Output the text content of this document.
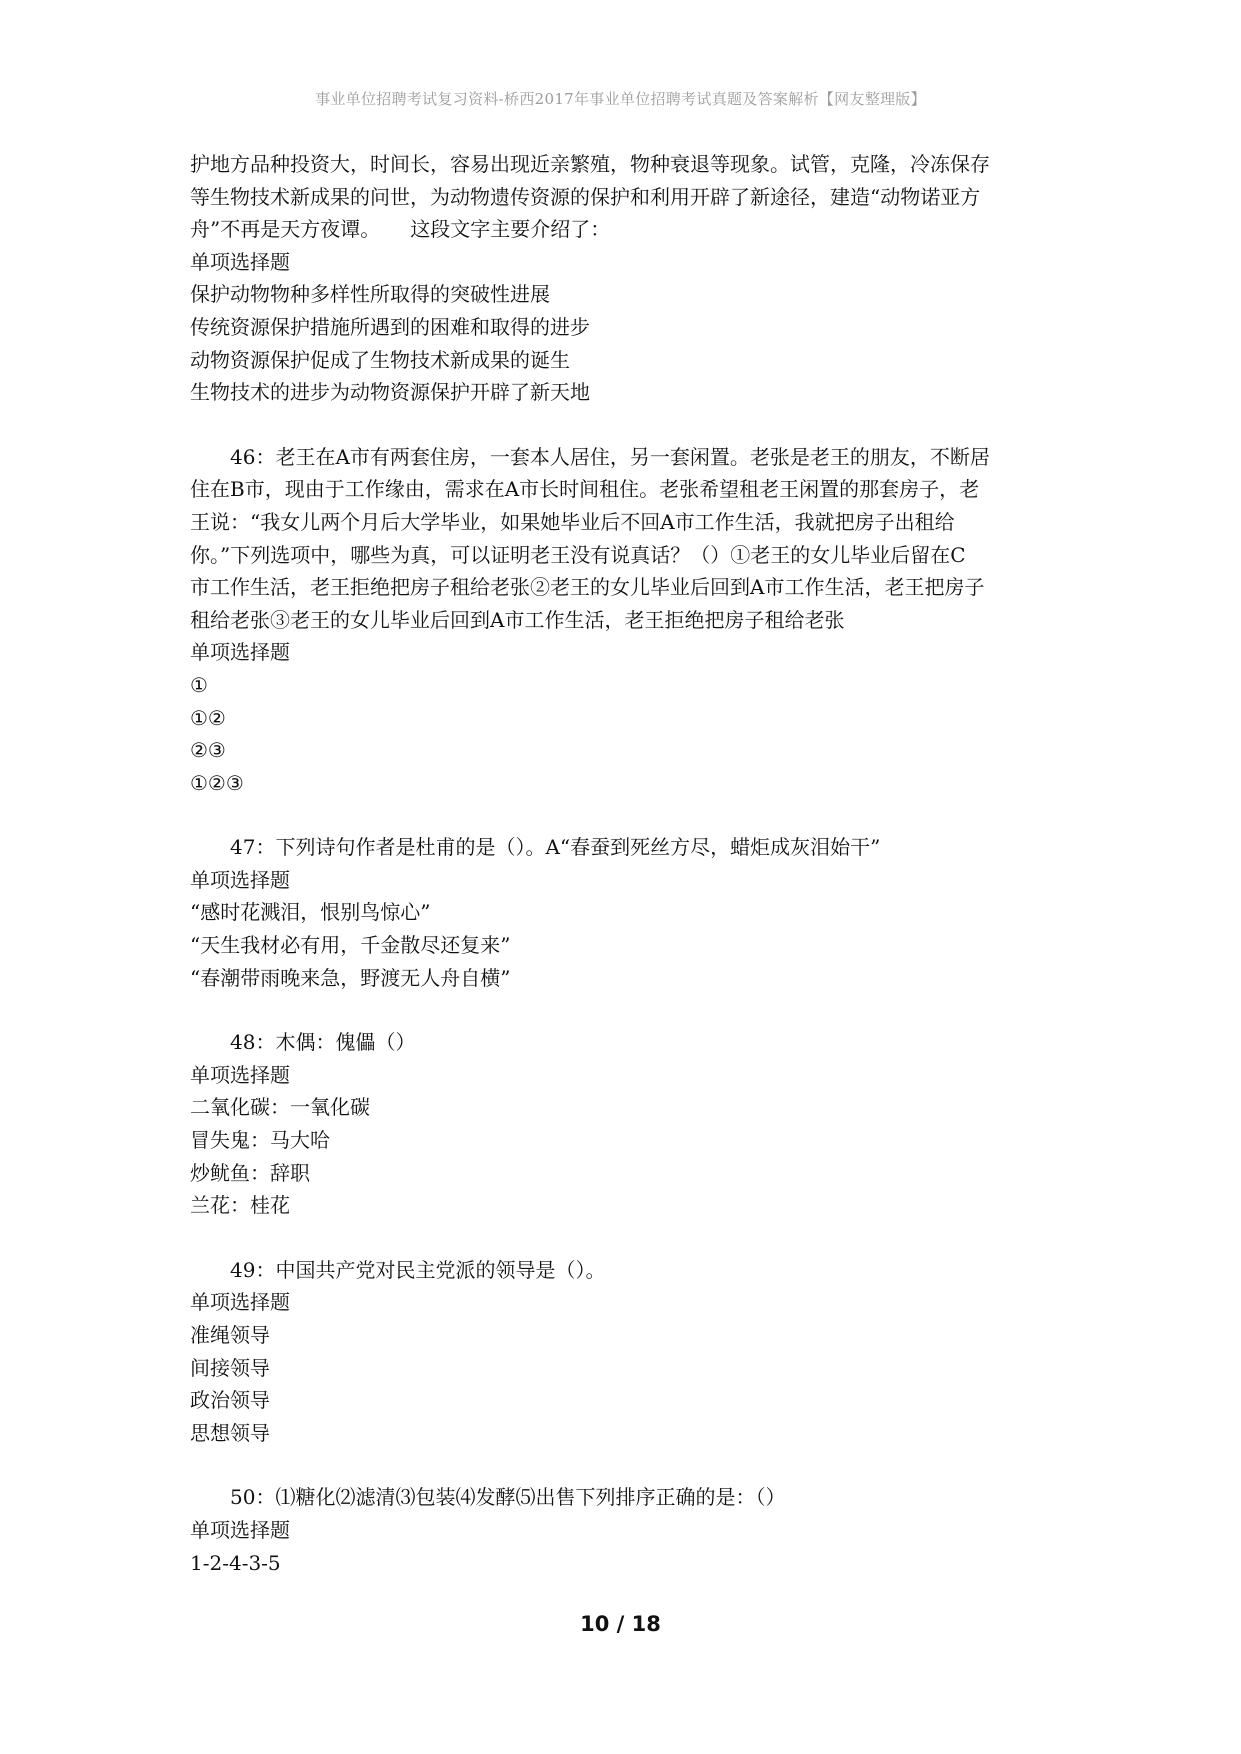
事业单位招聘考试复习资料-桥西2017年事业单位招聘考试真题及答案解析【网友整理版】
护地方品种投资大，时间长，容易出现近亲繁殖，物种衰退等现象。试管，克隆，冷冻保存
等生物技术新成果的问世，为动物遗传资源的保护和利用开辟了新途径，建造“动物诺亚方
舟”不再是天方夜谭。　　这段文字主要介绍了：
单项选择题
保护动物物种多样性所取得的突破性进展
传统资源保护措施所遇到的困难和取得的进步
动物资源保护促成了生物技术新成果的诞生
生物技术的进步为动物资源保护开辟了新天地
46：老王在A市有两套住房，一套本人居住，另一套闲置。老张是老王的朋友，不断居
住在B市，现由于工作缘由，需求在A市长时间租住。老张希望租老王闲置的那套房子，老
王说：“我女儿两个月后大学毕业，如果她毕业后不回A市工作生活，我就把房子出租给
你。”下列选项中，哪些为真，可以证明老王没有说真话？（）①老王的女儿毕业后留在C
市工作生活，老王拒绝把房子租给老张②老王的女儿毕业后回到A市工作生活，老王把房子
租给老张③老王的女儿毕业后回到A市工作生活，老王拒绝把房子租给老张
单项选择题
①
①②
②③
①②③
47：下列诗句作者是杜甫的是（）。A“春蚕到死丝方尽，蜡炬成灰泪始干”
单项选择题
“感时花溅泪，恨别鸟惊心”
“天生我材必有用，千金散尽还复来”
“春潮带雨晚来急，野渡无人舟自横”
48：木偶：傀儡（）
单项选择题
二氧化碳：一氧化碳
冒失鬼：马大哈
炒鱿鱼：辞职
兰花：桂花
49：中国共产党对民主党派的领导是（）。
单项选择题
准绳领导
间接领导
政治领导
思想领导
50：⑴糖化⑵滤清⑶包装⑷发酵⑸出售下列排序正确的是：（）
单项选择题
1-2-4-3-5
10 / 18
